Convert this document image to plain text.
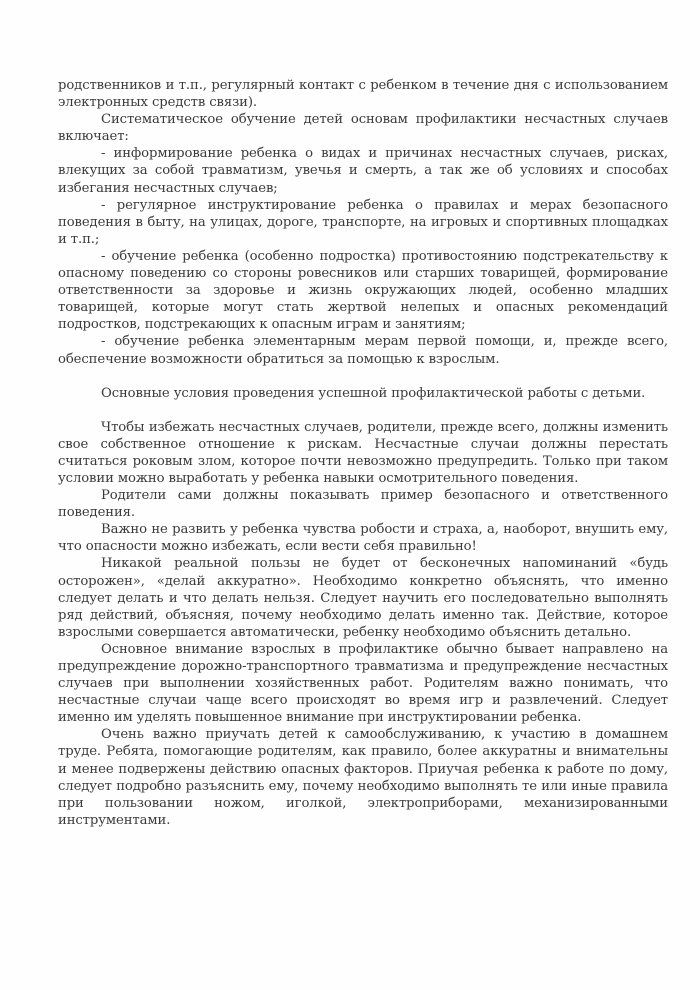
родственников и т.п., регулярный контакт с ребенком в течение дня с использованием электронных средств связи).

Систематическое обучение детей основам профилактики несчастных случаев включает:

- информирование ребенка о видах и причинах несчастных случаев, рисках, влекущих за собой травматизм, увечья и смерть, а так же об условиях и способах избегания несчастных случаев;

- регулярное инструктирование ребенка о правилах и мерах безопасного поведения в быту, на улицах, дороге, транспорте, на игровых и спортивных площадках и т.п.;

- обучение ребенка (особенно подростка) противостоянию подстрекательству к опасному поведению со стороны ровесников или старших товарищей, формирование ответственности за здоровье и жизнь окружающих людей, особенно младших товарищей, которые могут стать жертвой нелепых и опасных рекомендаций подростков, подстрекающих к опасным играм и занятиям;

- обучение ребенка элементарным мерам первой помощи, и, прежде всего, обеспечение возможности обратиться за помощью к взрослым.

Основные условия проведения успешной профилактической работы с детьми.

Чтобы избежать несчастных случаев, родители, прежде всего, должны изменить свое собственное отношение к рискам. Несчастные случаи должны перестать считаться роковым злом, которое почти невозможно предупредить. Только при таком условии можно выработать у ребенка навыки осмотрительного поведения.

Родители сами должны показывать пример безопасного и ответственного поведения.

Важно не развить у ребенка чувства робости и страха, а, наоборот, внушить ему, что опасности можно избежать, если вести себя правильно!

Никакой реальной пользы не будет от бесконечных напоминаний «будь осторожен», «делай аккуратно». Необходимо конкретно объяснять, что именно следует делать и что делать нельзя. Следует научить его последовательно выполнять ряд действий, объясняя, почему необходимо делать именно так. Действие, которое взрослыми совершается автоматически, ребенку необходимо объяснить детально.

Основное внимание взрослых в профилактике обычно бывает направлено на предупреждение дорожно-транспортного травматизма и предупреждение несчастных случаев при выполнении хозяйственных работ. Родителям важно понимать, что несчастные случаи чаще всего происходят во время игр и развлечений. Следует именно им уделять повышенное внимание при инструктировании ребенка.

Очень важно приучать детей к самообслуживанию, к участию в домашнем труде. Ребята, помогающие родителям, как правило, более аккуратны и внимательны и менее подвержены действию опасных факторов. Приучая ребенка к работе по дому, следует подробно разъяснить ему, почему необходимо выполнять те или иные правила при пользовании ножом, иголкой, электроприборами, механизированными инструментами.
